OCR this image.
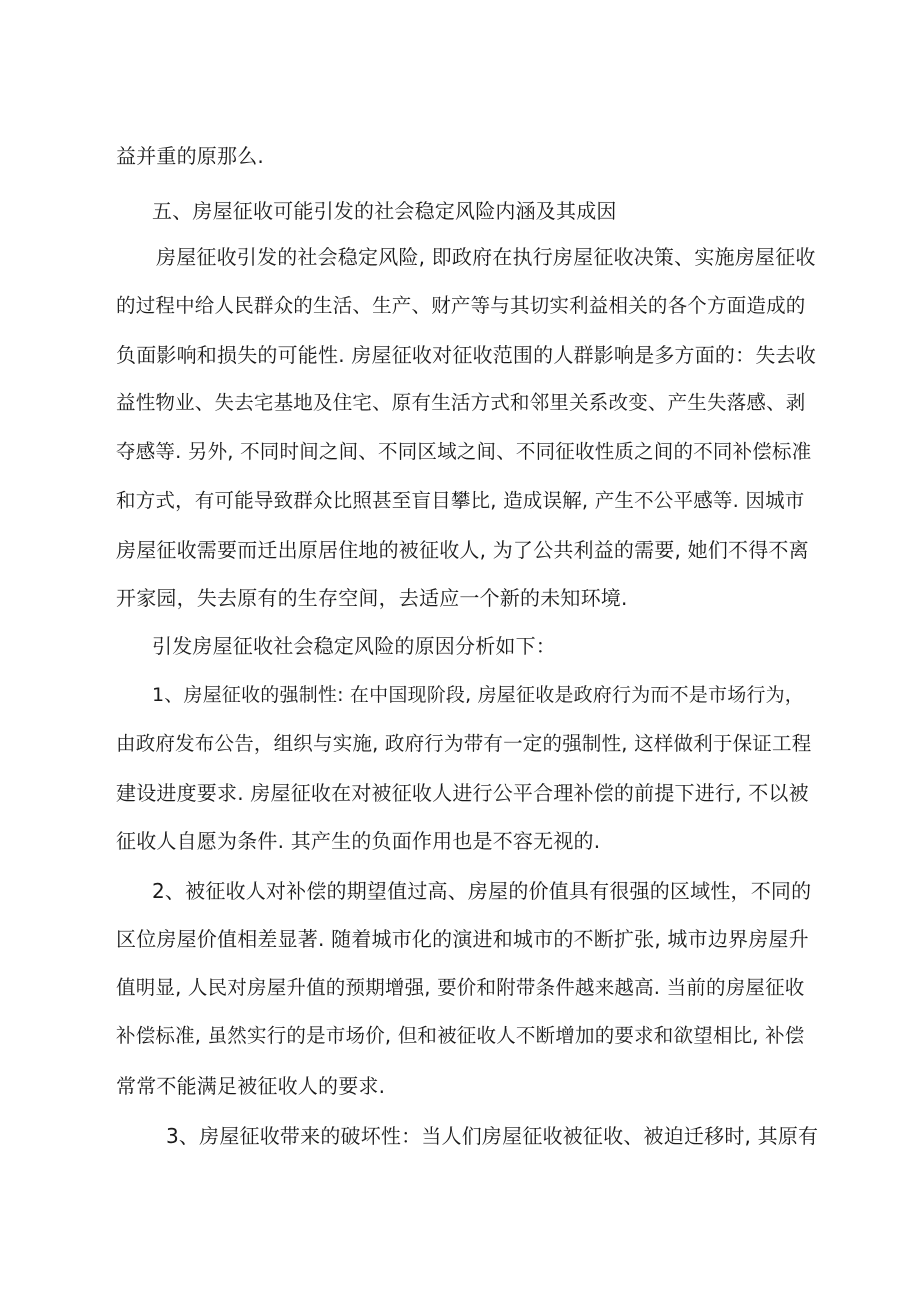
益并重的原那么.
五、房屋征收可能引发的社会稳定风险内涵及其成因
房屋征收引发的社会稳定风险, 即政府在执行房屋征收决策、实施房屋征收
的过程中给人民群众的生活、生产、财产等与其切实利益相关的各个方面造成的
负面影响和损失的可能性. 房屋征收对征收范围的人群影响是多方面的：失去收
益性物业、失去宅基地及住宅、原有生活方式和邻里关系改变、产生失落感、剥
夺感等. 另外, 不同时间之间、不同区域之间、不同征收性质之间的不同补偿标准
和方式，有可能导致群众比照甚至盲目攀比, 造成误解, 产生不公平感等. 因城市
房屋征收需要而迁出原居住地的被征收人, 为了公共利益的需要, 她们不得不离
开家园，失去原有的生存空间，去适应一个新的未知环境.
引发房屋征收社会稳定风险的原因分析如下：
1、房屋征收的强制性: 在中国现阶段, 房屋征收是政府行为而不是市场行为，
由政府发布公告，组织与实施, 政府行为带有一定的强制性, 这样做利于保证工程
建设进度要求. 房屋征收在对被征收人进行公平合理补偿的前提下进行, 不以被
征收人自愿为条件. 其产生的负面作用也是不容无视的.
2、被征收人对补偿的期望值过高、房屋的价值具有很强的区域性，不同的
区位房屋价值相差显著. 随着城市化的演进和城市的不断扩张, 城市边界房屋升
值明显, 人民对房屋升值的预期增强, 要价和附带条件越来越高. 当前的房屋征收
补偿标准, 虽然实行的是市场价, 但和被征收人不断增加的要求和欲望相比, 补偿
常常不能满足被征收人的要求.
3、房屋征收带来的破坏性：当人们房屋征收被征收、被迫迁移时, 其原有
